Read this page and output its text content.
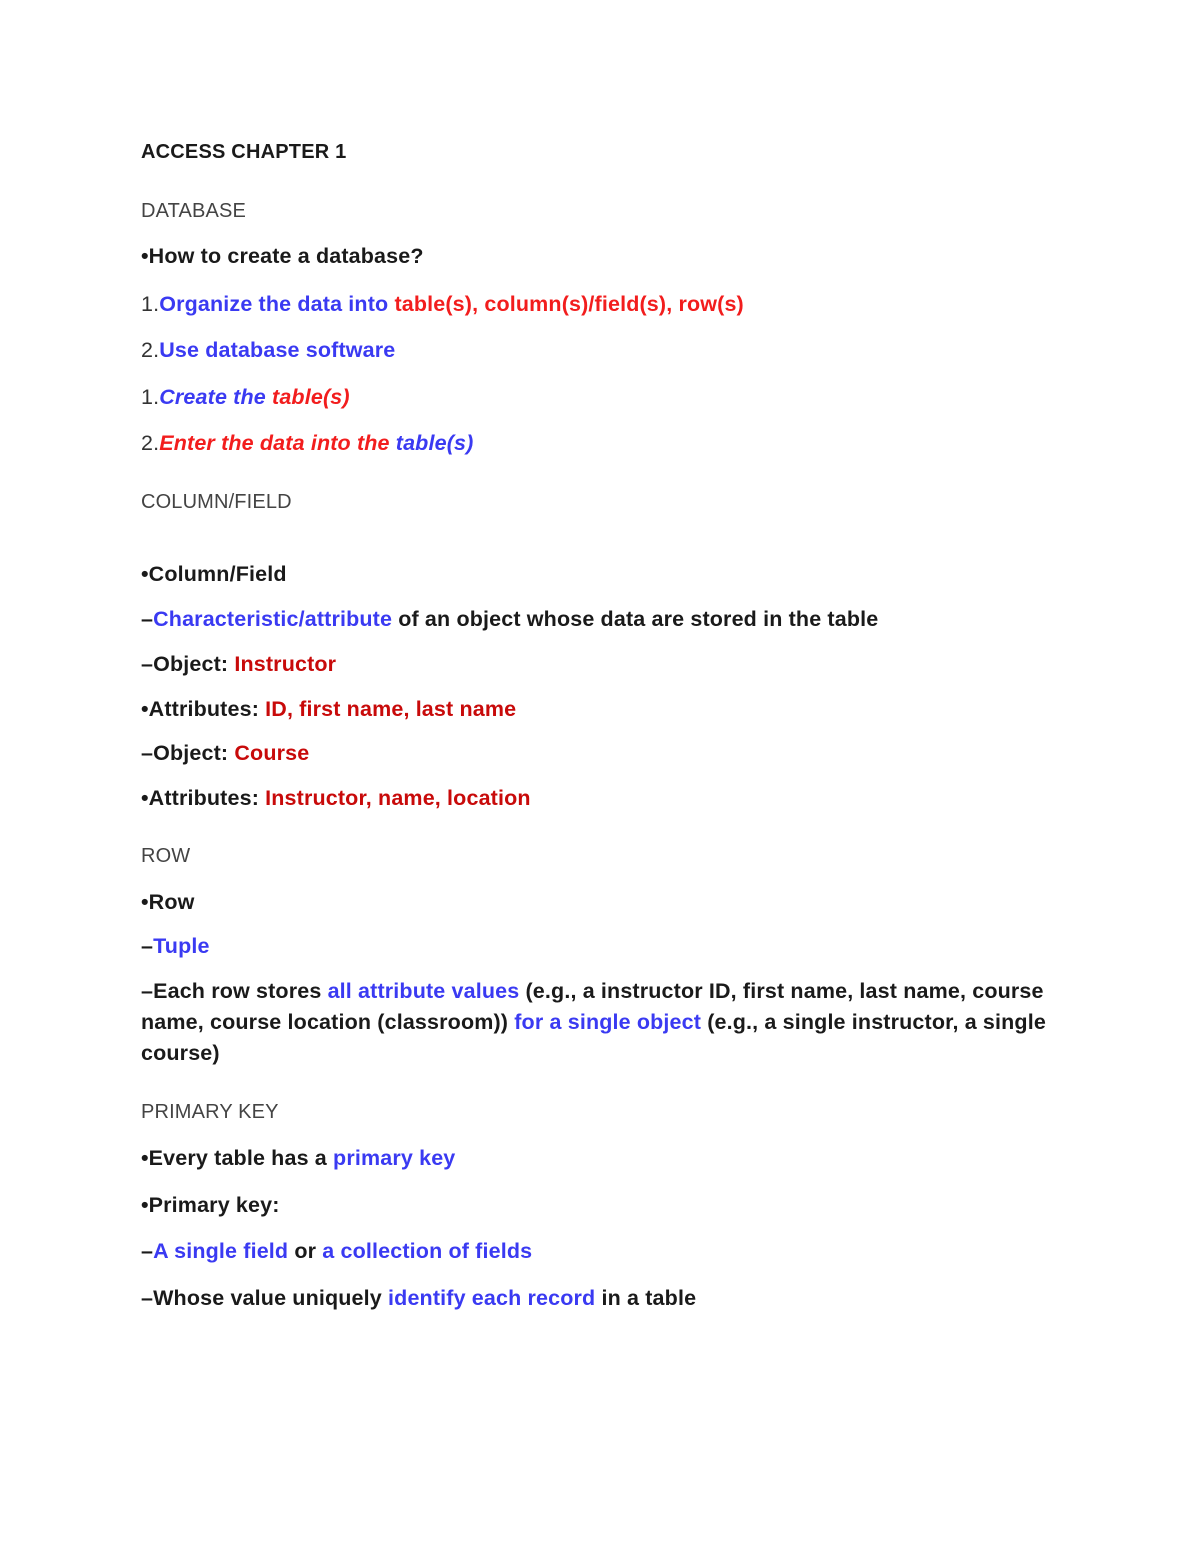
ACCESS CHAPTER 1
DATABASE
•How to create a database?
1.Organize the data into table(s), column(s)/field(s), row(s)
2.Use database software
1.Create the table(s)
2.Enter the data into the table(s)
COLUMN/FIELD
•Column/Field
–Characteristic/attribute of an object whose data are stored in the table
–Object: Instructor
•Attributes: ID, first name, last name
–Object: Course
•Attributes: Instructor, name, location
ROW
•Row
–Tuple
–Each row stores all attribute values (e.g., a instructor ID, first name, last name, course name, course location (classroom)) for a single object (e.g., a single instructor, a single course)
PRIMARY KEY
•Every table has a primary key
•Primary key:
–A single field or a collection of fields
–Whose value uniquely identify each record in a table
